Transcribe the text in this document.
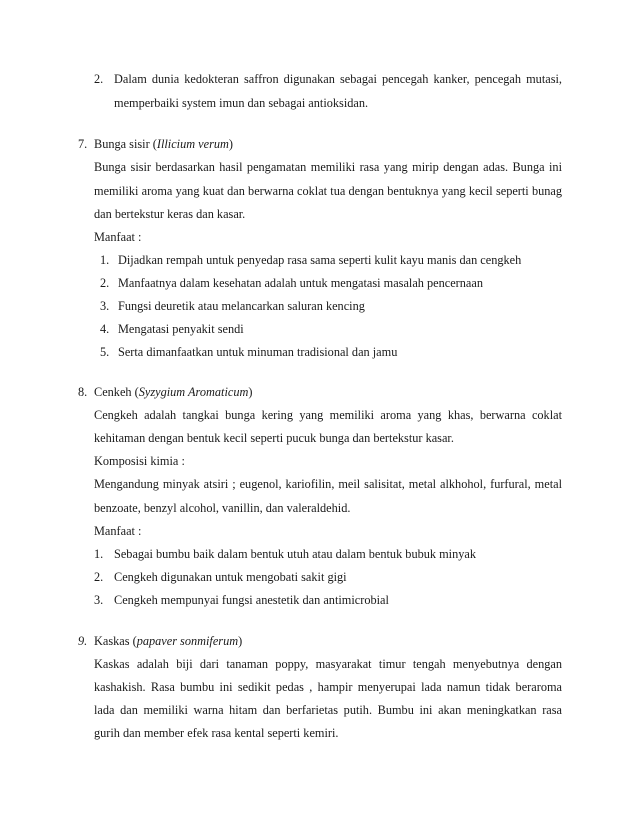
2. Dalam dunia kedokteran saffron digunakan sebagai pencegah kanker, pencegah mutasi,
memperbaiki system imun dan sebagai antioksidan.
7. Bunga sisir (Illicium verum)
Bunga sisir berdasarkan hasil pengamatan memiliki rasa yang mirip dengan adas. Bunga ini
memiliki aroma yang kuat dan berwarna coklat tua dengan bentuknya yang kecil seperti bunag
dan bertekstur keras dan kasar.
Manfaat :
1. Dijadkan rempah untuk penyedap rasa sama seperti kulit kayu manis dan cengkeh
2. Manfaatnya dalam kesehatan adalah untuk mengatasi masalah pencernaan
3. Fungsi deuretik atau melancarkan saluran kencing
4. Mengatasi penyakit sendi
5. Serta dimanfaatkan untuk minuman tradisional dan jamu
8. Cenkeh (Syzygium Aromaticum)
Cengkeh adalah tangkai bunga kering yang memiliki aroma yang khas, berwarna coklat
kehitaman dengan bentuk kecil seperti pucuk bunga dan bertekstur kasar.
Komposisi kimia :
Mengandung minyak atsiri ; eugenol, kariofilin, meil salisitat, metal alkhohol, furfural, metal
benzoate, benzyl alcohol, vanillin, dan valeraldehid.
Manfaat :
1. Sebagai bumbu baik dalam bentuk utuh atau dalam bentuk bubuk minyak
2. Cengkeh digunakan untuk mengobati sakit gigi
3. Cengkeh mempunyai fungsi anestetik dan antimicrobial
9. Kaskas (papaver sonmiferum)
Kaskas adalah biji dari tanaman poppy, masyarakat timur tengah menyebutnya dengan
kashakish. Rasa bumbu ini sedikit pedas , hampir menyerupai lada namun tidak beraroma
lada dan memiliki warna hitam dan berfarietas putih. Bumbu ini akan meningkatkan rasa
gurih dan member efek rasa kental seperti kemiri.
